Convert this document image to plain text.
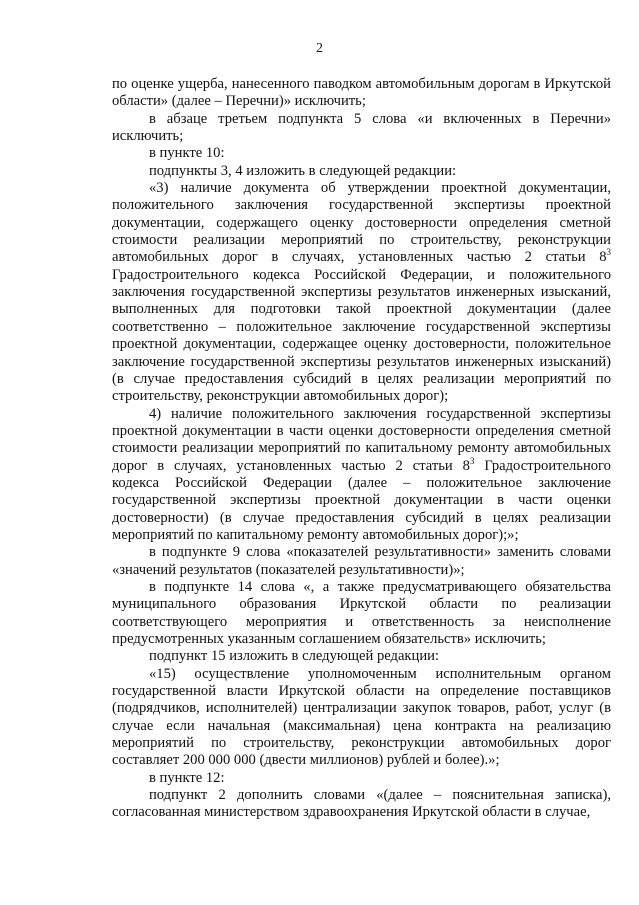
2

по оценке ущерба, нанесенного паводком автомобильным дорогам в Иркутской области» (далее – Перечни)» исключить;

в абзаце третьем подпункта 5 слова «и включенных в Перечни» исключить;

в пункте 10:

подпункты 3, 4 изложить в следующей редакции:

«3) наличие документа об утверждении проектной документации, положительного заключения государственной экспертизы проектной документации, содержащего оценку достоверности определения сметной стоимости реализации мероприятий по строительству, реконструкции автомобильных дорог в случаях, установленных частью 2 статьи $8^3$ Градостроительного кодекса Российской Федерации, и положительного заключения государственной экспертизы результатов инженерных изысканий, выполненных для подготовки такой проектной документации (далее соответственно – положительное заключение государственной экспертизы проектной документации, содержащее оценку достоверности, положительное заключение государственной экспертизы результатов инженерных изысканий) (в случае предоставления субсидий в целях реализации мероприятий по строительству, реконструкции автомобильных дорог);

4) наличие положительного заключения государственной экспертизы проектной документации в части оценки достоверности определения сметной стоимости реализации мероприятий по капитальному ремонту автомобильных дорог в случаях, установленных частью 2 статьи $8^3$ Градостроительного кодекса Российской Федерации (далее – положительное заключение государственной экспертизы проектной документации в части оценки достоверности) (в случае предоставления субсидий в целях реализации мероприятий по капитальному ремонту автомобильных дорог);»;

в подпункте 9 слова «показателей результативности» заменить словами «значений результатов (показателей результативности)»;

в подпункте 14 слова «, а также предусматривающего обязательства муниципального образования Иркутской области по реализации соответствующего мероприятия и ответственность за неисполнение предусмотренных указанным соглашением обязательств» исключить;

подпункт 15 изложить в следующей редакции:

«15) осуществление уполномоченным исполнительным органом государственной власти Иркутской области на определение поставщиков (подрядчиков, исполнителей) централизации закупок товаров, работ, услуг (в случае если начальная (максимальная) цена контракта на реализацию мероприятий по строительству, реконструкции автомобильных дорог составляет 200 000 000 (двести миллионов) рублей и более).»;

в пункте 12:

подпункт 2 дополнить словами «(далее – пояснительная записка), согласованная министерством здравоохранения Иркутской области в случае,
